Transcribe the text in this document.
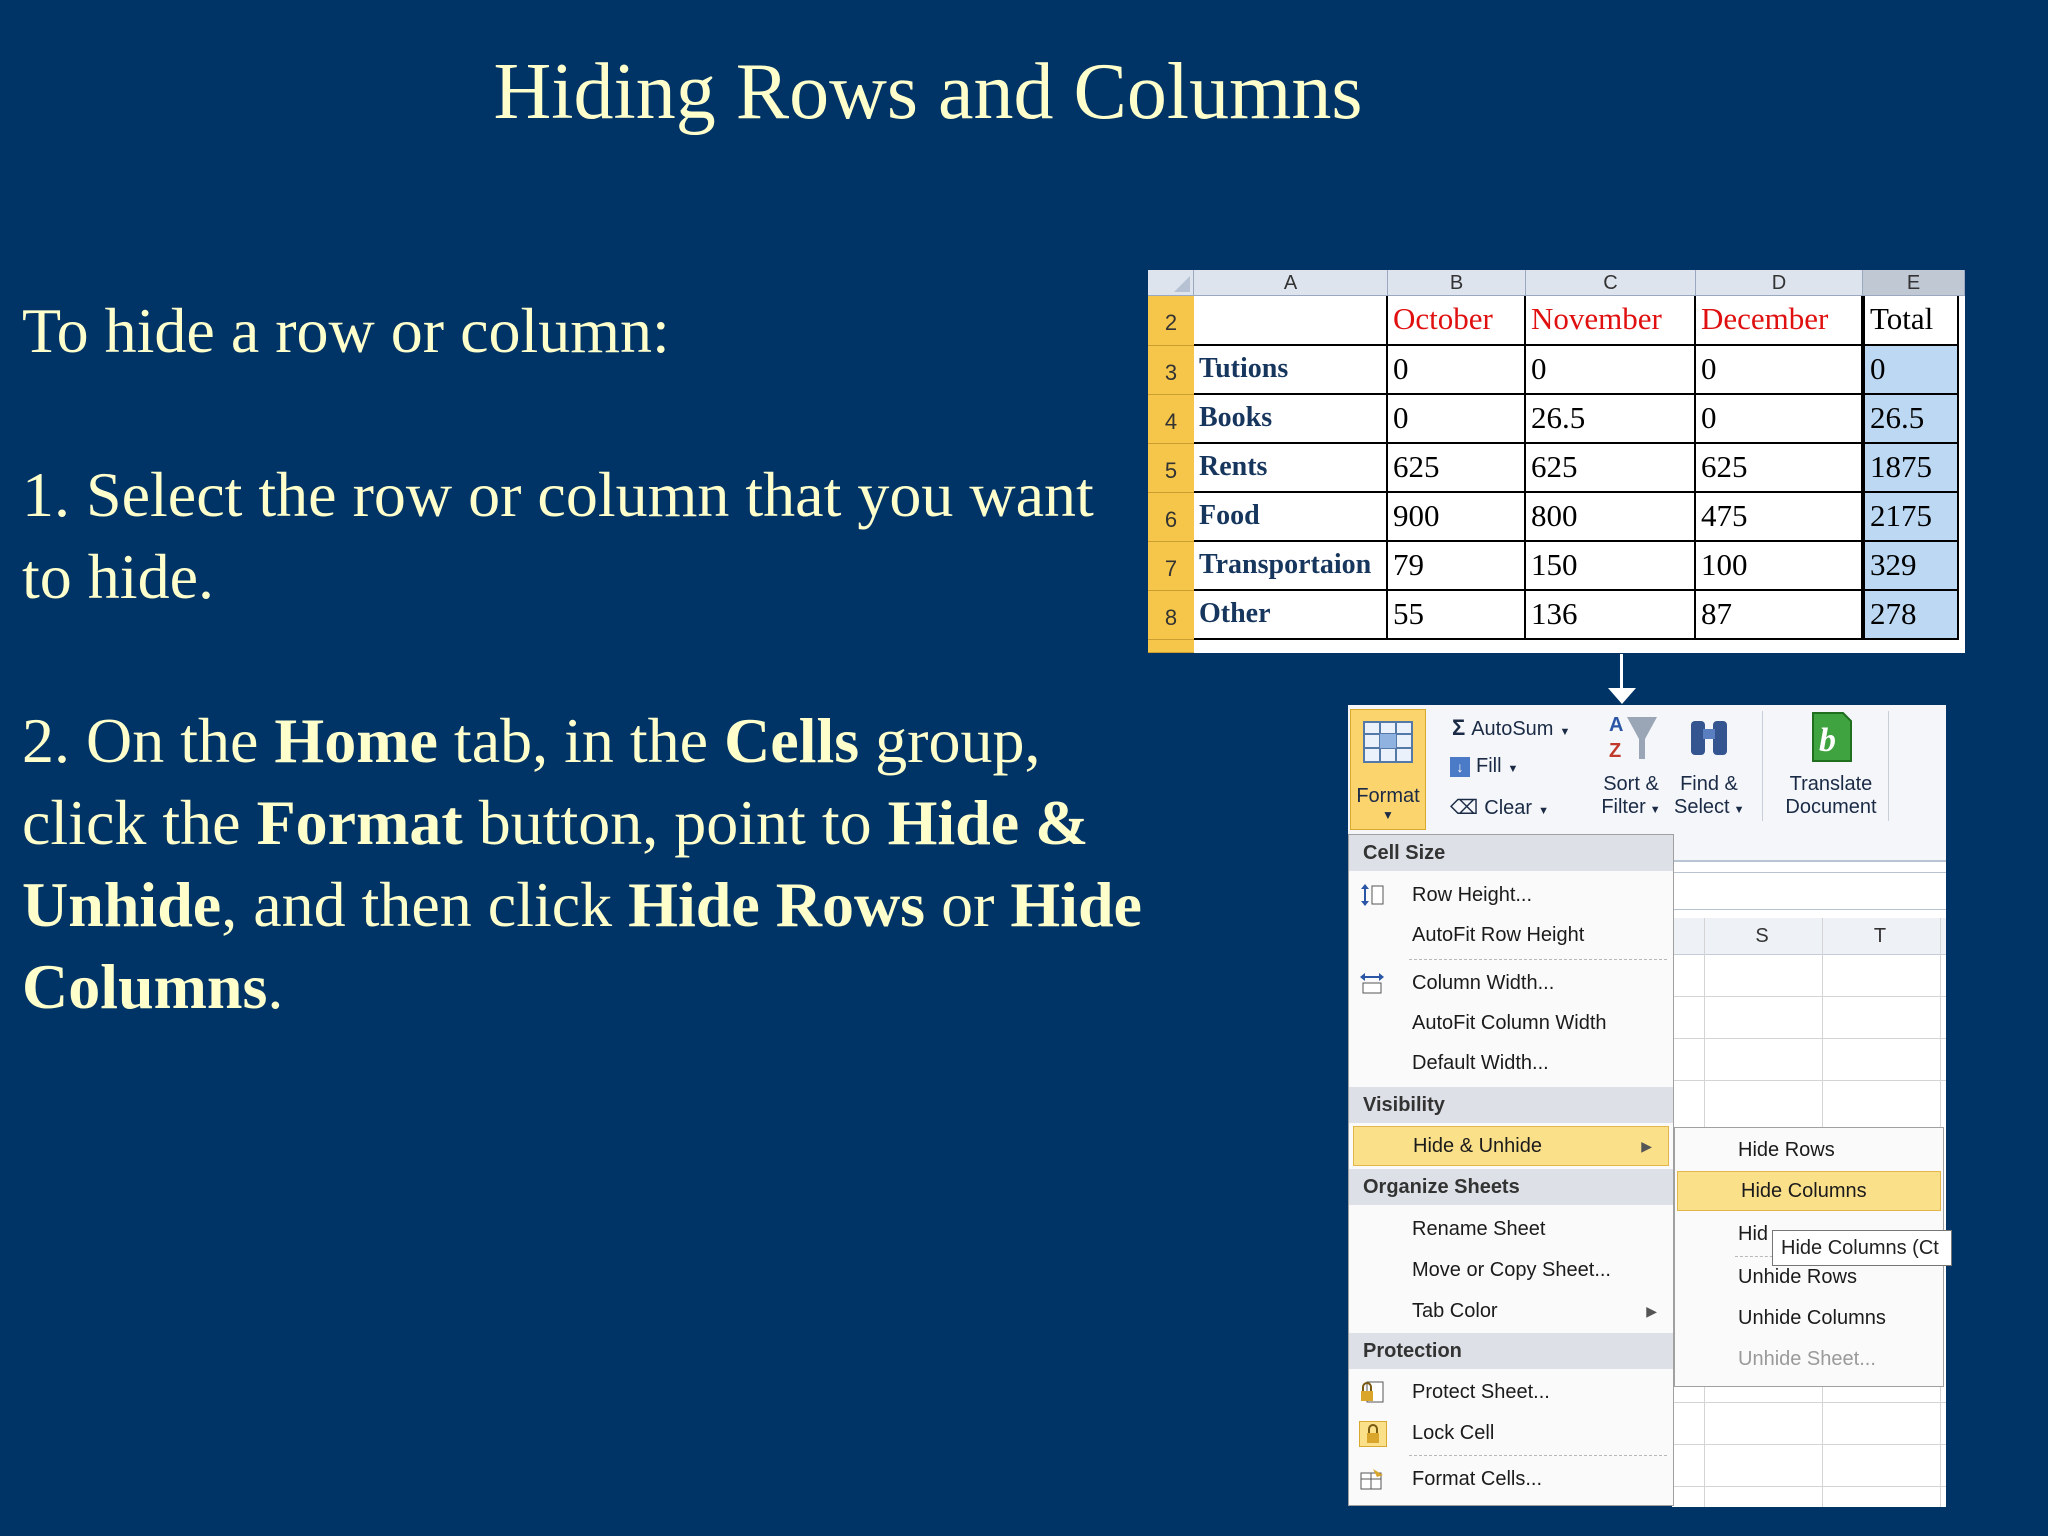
Hiding Rows and Columns

To hide a row or column:

1. Select the row or column that you want to hide.

2. On the Home tab, in the Cells group, click the Format button, point to Hide & Unhide, and then click Hide Rows or Hide Columns.

A	B	C	D	E
2	October	November	December	Total
3 Tutions	0	0	0	0
4 Books	0	26.5	0	26.5
5 Rents	625	625	625	1875
6 Food	900	800	475	2175
7 Transportaion 79	150	100	329
8 Other	55	136	87	278
Format
▼
Σ AutoSum ▼
↓ Fill ▼
⌫ Clear ▼
A
Z
Sort &
Filter ▼
Find &
Select ▼
b
Translate
Document
S	T
Cell Size
Row Height...
AutoFit Row Height
Column Width...
AutoFit Column Width
Default Width...
Visibility
Hide & Unhide	▶
Organize Sheets
Rename Sheet
Move or Copy Sheet...
Tab Color	▶
Protection
Protect Sheet...
Lock Cell
Format Cells...
Hide Rows
Hide Columns
Hid
Unhide Rows
Unhide Columns
Unhide Sheet...
Hide Columns (Ct
